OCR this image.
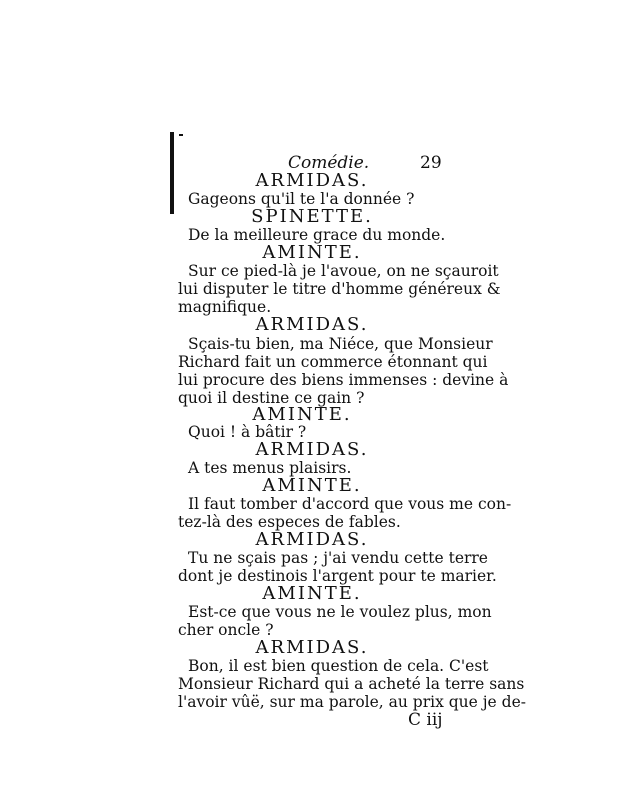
Comédie.	29
ARMIDAS.
Gageons qu'il te l'a donnée ?
SPINETTE.
De la meilleure grace du monde.
AMINTE.
Sur ce pied-là je l'avoue, on ne sçauroit
lui disputer le titre d'homme généreux &
magnifique.
ARMIDAS.
Sçais-tu bien, ma Niéce, que Monsieur
Richard fait un commerce étonnant qui
lui procure des biens immenses : devine à
quoi il destine ce gain ?
AMINTE.
Quoi ! à bâtir ?
ARMIDAS.
A tes menus plaisirs.
AMINTE.
Il faut tomber d'accord que vous me con-
tez-là des especes de fables.
ARMIDAS.
Tu ne sçais pas ; j'ai vendu cette terre
dont je destinois l'argent pour te marier.
AMINTE.
Est-ce que vous ne le voulez plus, mon
cher oncle ?
ARMIDAS.
Bon, il est bien question de cela. C'est
Monsieur Richard qui a acheté la terre sans
l'avoir vûë, sur ma parole, au prix que je de-
C iij
